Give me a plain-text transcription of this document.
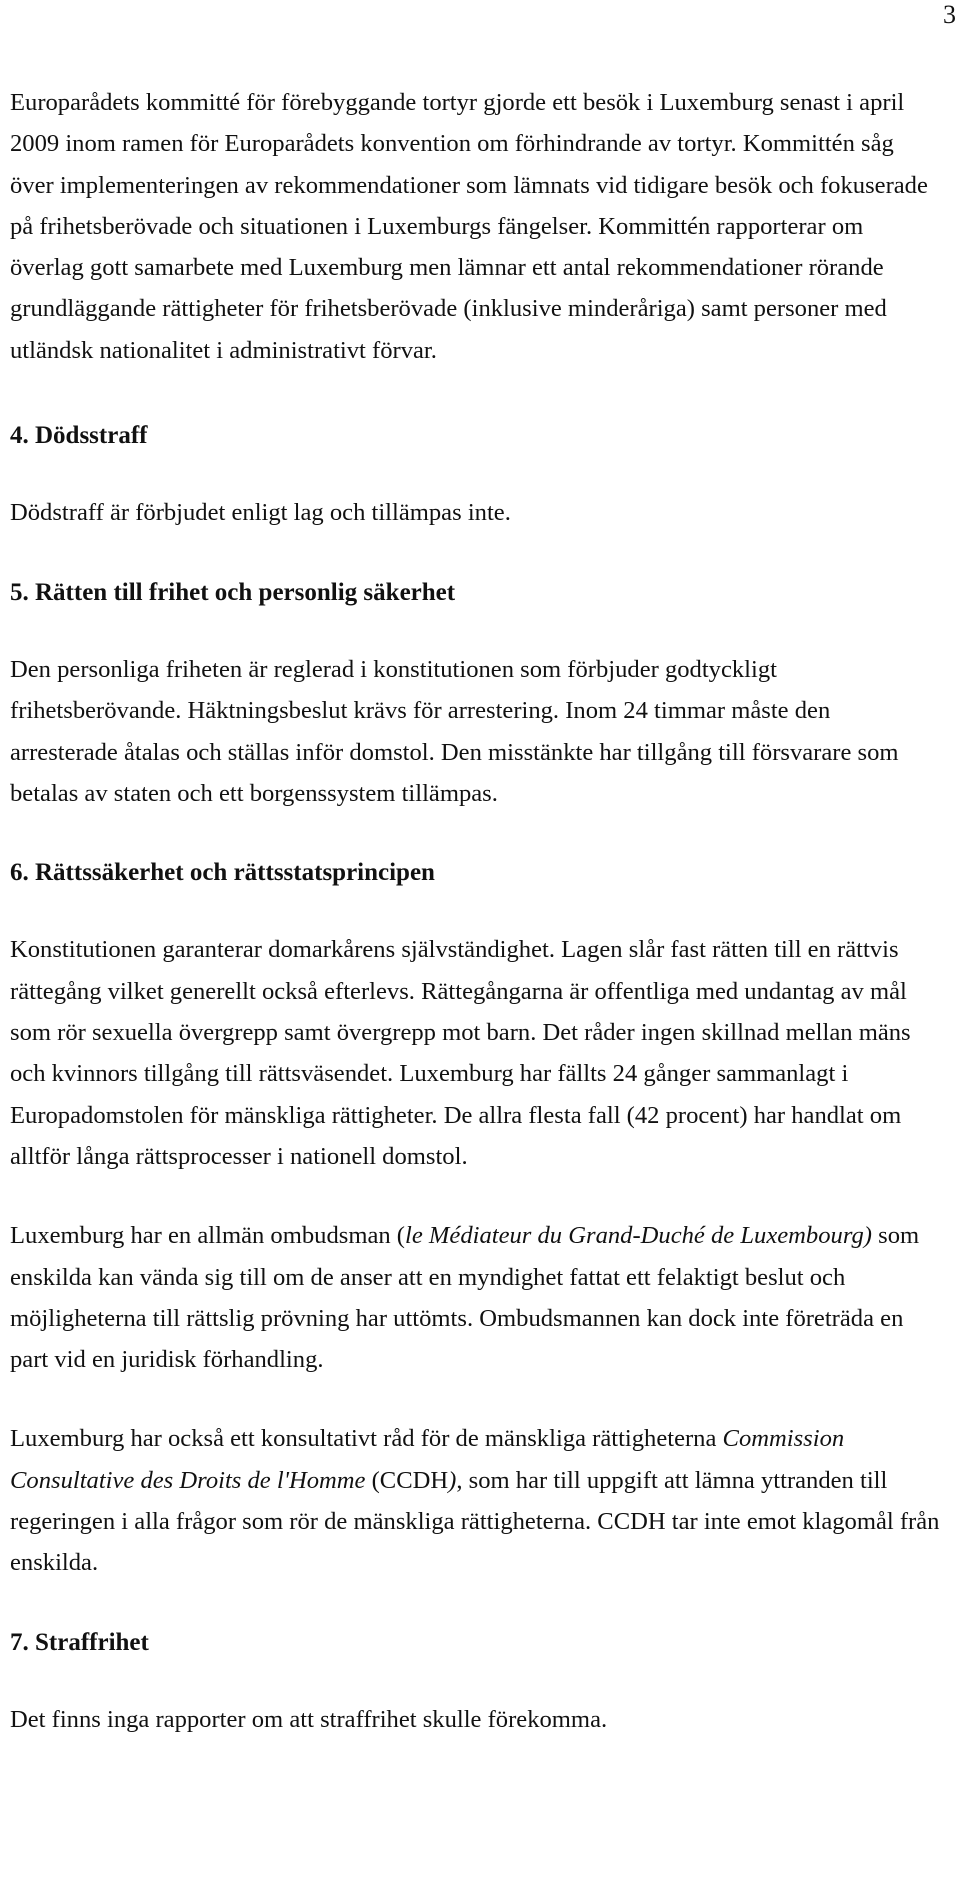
3

Europarådets kommitté för förebyggande tortyr gjorde ett besök i Luxemburg senast i april 2009 inom ramen för Europarådets konvention om förhindrande av tortyr. Kommittén såg över implementeringen av rekommendationer som lämnats vid tidigare besök och fokuserade på frihetsberövade och situationen i Luxemburgs fängelser. Kommittén rapporterar om överlag gott samarbete med Luxemburg men lämnar ett antal rekommendationer rörande grundläggande rättigheter för frihetsberövade (inklusive minderåriga) samt personer med utländsk nationalitet i administrativt förvar.

4. Dödsstraff

Dödstraff är förbjudet enligt lag och tillämpas inte.

5. Rätten till frihet och personlig säkerhet

Den personliga friheten är reglerad i konstitutionen som förbjuder godtyckligt frihetsberövande. Häktningsbeslut krävs för arrestering. Inom 24 timmar måste den arresterade åtalas och ställas inför domstol. Den misstänkte har tillgång till försvarare som betalas av staten och ett borgenssystem tillämpas.

6. Rättssäkerhet och rättsstatsprincipen

Konstitutionen garanterar domarkårens självständighet. Lagen slår fast rätten till en rättvis rättegång vilket generellt också efterlevs. Rättegångarna är offentliga med undantag av mål som rör sexuella övergrepp samt övergrepp mot barn. Det råder ingen skillnad mellan mäns och kvinnors tillgång till rättsväsendet. Luxemburg har fällts 24 gånger sammanlagt i Europadomstolen för mänskliga rättigheter. De allra flesta fall (42 procent) har handlat om alltför långa rättsprocesser i nationell domstol.

Luxemburg har en allmän ombudsman (le Médiateur du Grand-Duché de Luxembourg) som enskilda kan vända sig till om de anser att en myndighet fattat ett felaktigt beslut och möjligheterna till rättslig prövning har uttömts. Ombudsmannen kan dock inte företräda en part vid en juridisk förhandling.

Luxemburg har också ett konsultativt råd för de mänskliga rättigheterna Commission Consultative des Droits de l'Homme (CCDH), som har till uppgift att lämna yttranden till regeringen i alla frågor som rör de mänskliga rättigheterna. CCDH tar inte emot klagomål från enskilda.

7. Straffrihet

Det finns inga rapporter om att straffrihet skulle förekomma.
